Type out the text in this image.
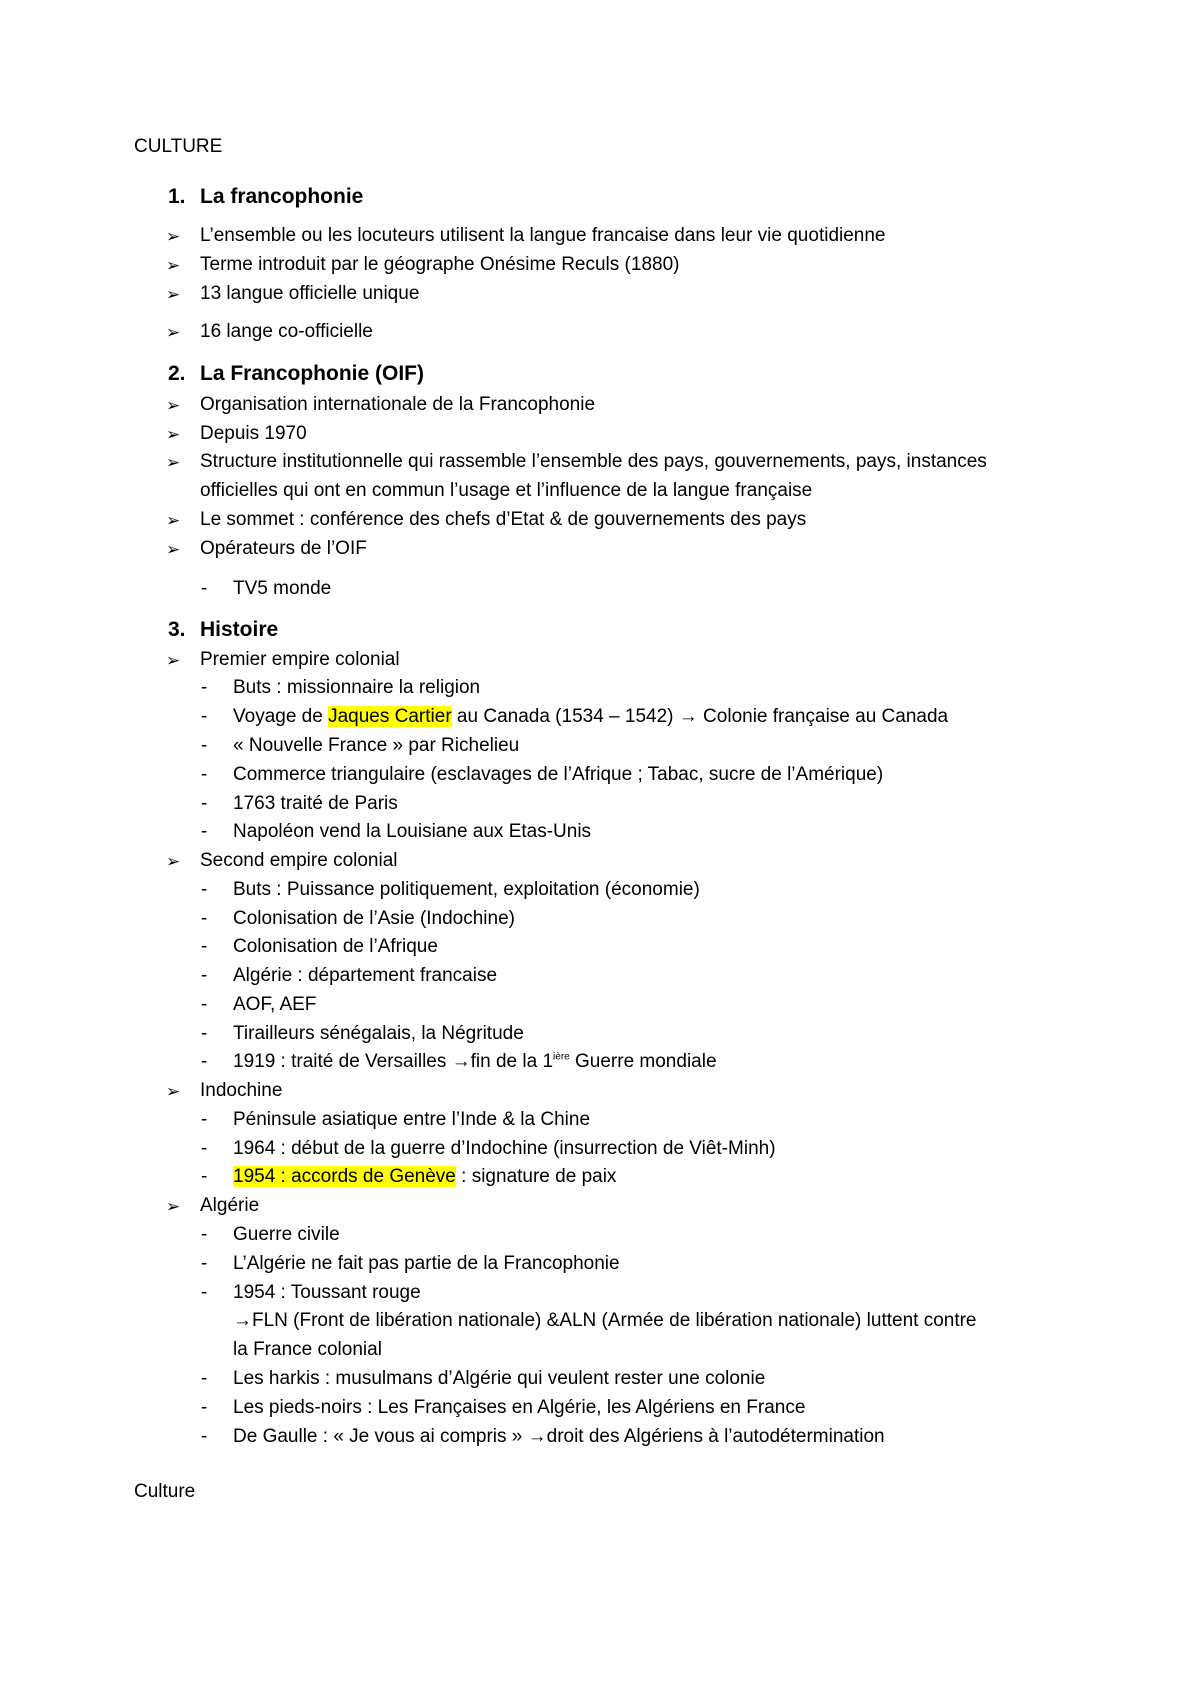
CULTURE
1. La francophonie
➢ L’ensemble ou les locuteurs utilisent la langue francaise dans leur vie quotidienne
➢ Terme introduit par le géographe Onésime Reculs (1880)
➢ 13 langue officielle unique
➢ 16 lange co-officielle
2. La Francophonie (OIF)
➢ Organisation internationale de la Francophonie
➢ Depuis 1970
➢ Structure institutionnelle qui rassemble l’ensemble des pays, gouvernements, pays, instances
officielles qui ont en commun l’usage et l’influence de la langue française
➢ Le sommet : conférence des chefs d’Etat & de gouvernements des pays
➢ Opérateurs de l’OIF
- TV5 monde
3. Histoire
➢ Premier empire colonial
- Buts : missionnaire la religion
- Voyage de Jaques Cartier au Canada (1534 – 1542) → Colonie française au Canada
- « Nouvelle France » par Richelieu
- Commerce triangulaire (esclavages de l’Afrique ; Tabac, sucre de l’Amérique)
- 1763 traité de Paris
- Napoléon vend la Louisiane aux Etas-Unis
➢ Second empire colonial
- Buts : Puissance politiquement, exploitation (économie)
- Colonisation de l’Asie (Indochine)
- Colonisation de l’Afrique
- Algérie : département francaise
- AOF, AEF
- Tirailleurs sénégalais, la Négritude
- 1919 : traité de Versailles →fin de la $1^{ière}$ Guerre mondiale
➢ Indochine
- Péninsule asiatique entre l’Inde & la Chine
- 1964 : début de la guerre d’Indochine (insurrection de Viêt-Minh)
- 1954 : accords de Genève : signature de paix
➢ Algérie
- Guerre civile
- L’Algérie ne fait pas partie de la Francophonie
- 1954 : Toussant rouge
→FLN (Front de libération nationale) &ALN (Armée de libération nationale) luttent contre
la France colonial
- Les harkis : musulmans d’Algérie qui veulent rester une colonie
- Les pieds-noirs : Les Françaises en Algérie, les Algériens en France
- De Gaulle : « Je vous ai compris » →droit des Algériens à l’autodétermination
Culture
